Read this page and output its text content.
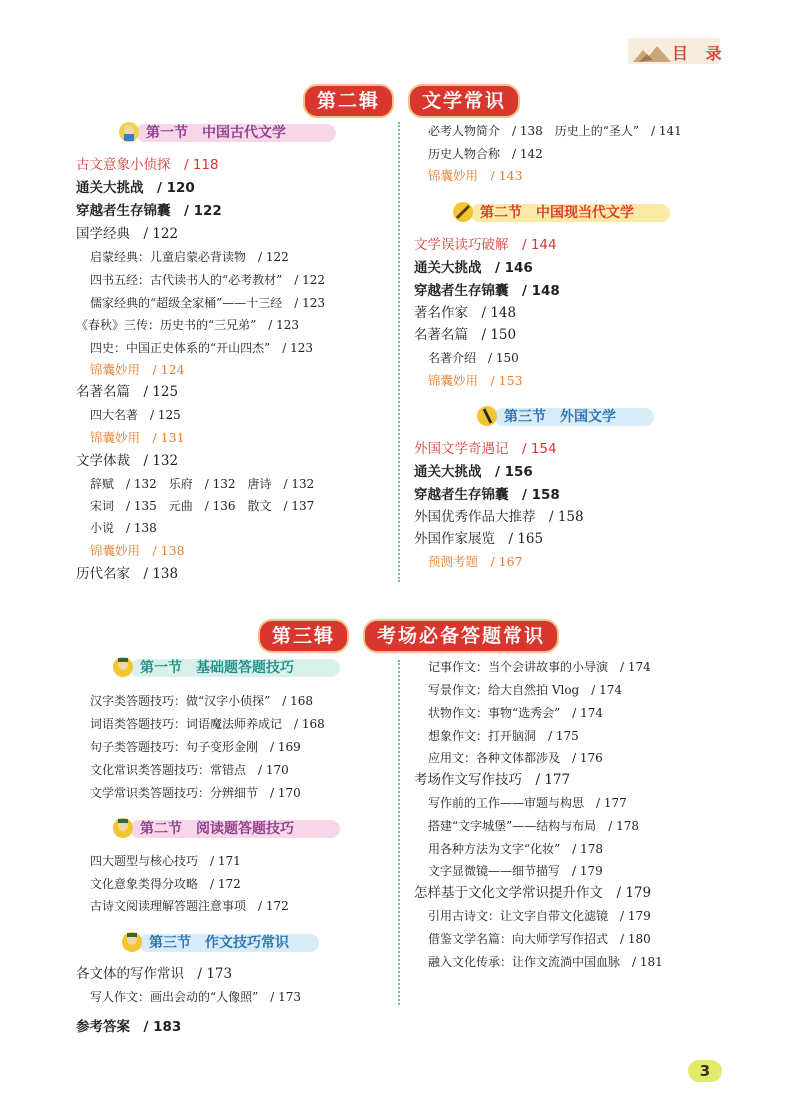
目 录
第二辑	文学常识
第一节　中国古代文学
古文意象小侦探　/ 118
通关大挑战　/ 120
穿越者生存锦囊　/ 122
国学经典　/ 122
启蒙经典：儿童启蒙必背读物　/ 122
四书五经：古代读书人的“必考教材”　/ 122
儒家经典的“超级全家桶”——十三经　/ 123
《春秋》三传：历史书的“三兄弟”　/ 123
四史：中国正史体系的“开山四杰”　/ 123
锦囊妙用　/ 124
名著名篇　/ 125
四大名著　/ 125
锦囊妙用　/ 131
文学体裁　/ 132
辞赋　/ 132　乐府　/ 132　唐诗　/ 132
宋词　/ 135　元曲　/ 136　散文　/ 137
小说　/ 138
锦囊妙用　/ 138
历代名家　/ 138
必考人物简介　/ 138　历史上的“圣人”　/ 141
历史人物合称　/ 142
锦囊妙用　/ 143
第二节　中国现当代文学
文学误读巧破解　/ 144
通关大挑战　/ 146
穿越者生存锦囊　/ 148
著名作家　/ 148
名著名篇　/ 150
名著介绍　/ 150
锦囊妙用　/ 153
第三节　外国文学
外国文学奇遇记　/ 154
通关大挑战　/ 156
穿越者生存锦囊　/ 158
外国优秀作品大推荐　/ 158
外国作家展览　/ 165
预测考题　/ 167
第三辑	考场必备答题常识
第一节　基础题答题技巧
汉字类答题技巧：做“汉字小侦探”　/ 168
词语类答题技巧：词语魔法师养成记　/ 168
句子类答题技巧：句子变形金刚　/ 169
文化常识类答题技巧：常错点　/ 170
文学常识类答题技巧：分辨细节　/ 170
第二节　阅读题答题技巧
四大题型与核心技巧　/ 171
文化意象类得分攻略　/ 172
古诗文阅读理解答题注意事项　/ 172
第三节　作文技巧常识
各文体的写作常识　/ 173
写人作文：画出会动的“人像照”　/ 173
记事作文：当个会讲故事的小导演　/ 174
写景作文：给大自然拍 Vlog　/ 174
状物作文：事物“选秀会”　/ 174
想象作文：打开脑洞　/ 175
应用文：各种文体都涉及　/ 176
考场作文写作技巧　/ 177
写作前的工作——审题与构思　/ 177
搭建“文字城堡”——结构与布局　/ 178
用各种方法为文字“化妆”　/ 178
文字显微镜——细节描写　/ 179
怎样基于文化文学常识提升作文　/ 179
引用古诗文：让文字自带文化滤镜　/ 179
借鉴文学名篇：向大师学写作招式　/ 180
融入文化传承：让作文流淌中国血脉　/ 181
参考答案　/ 183
3
